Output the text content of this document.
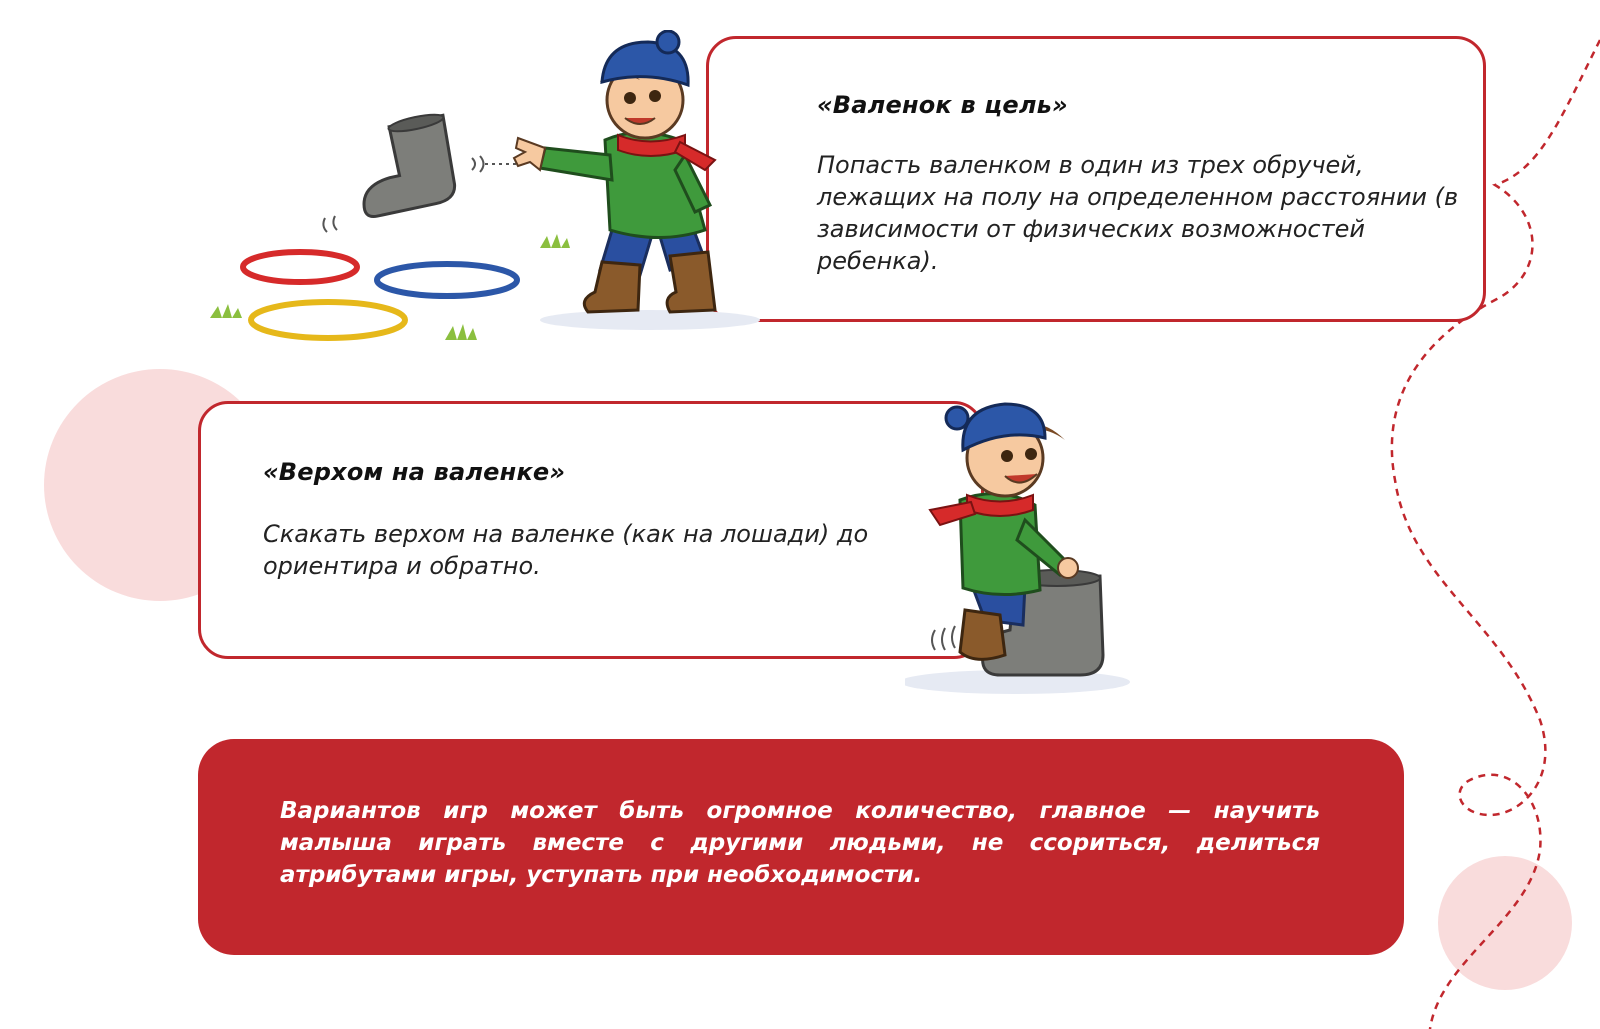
«Валенок в цель»
Попасть валенком в один из трех обручей, лежащих на полу на определенном расстоянии (в зависимости от физических возможностей ребенка).
«Верхом на валенке»
Скакать верхом на валенке (как на лошади) до ориентира и обратно.
Вариантов игр может быть огромное количество, главное — научить малыша играть вместе с другими людьми, не ссориться, делиться атрибутами игры, уступать при необходимости.
